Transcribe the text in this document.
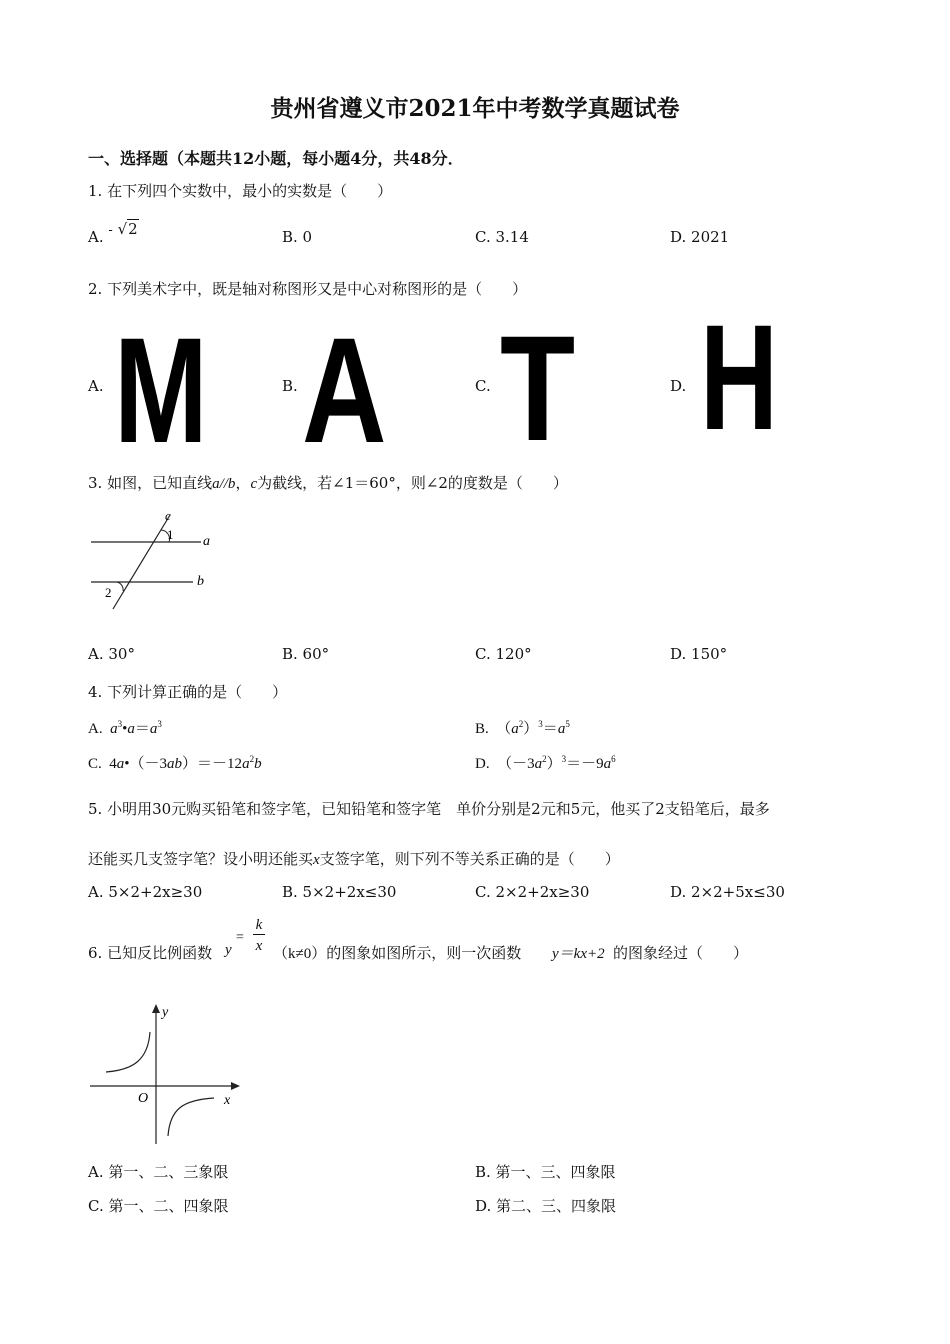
贵州省遵义市2021年中考数学真题试卷
一、选择题（本题共12小题，每小题4分，共48分．
1. 在下列四个实数中，最小的实数是（　　）
A. - √2	B. 0	C. 3.14	D. 2021
2. 下列美术字中，既是轴对称图形又是中心对称图形的是（　　）
A.	B.	C.	D.
M A T H
3. 如图，已知直线a//b，c为截线，若∠1＝60°，则∠2的度数是（　　）
c
1 a
b
2
A. 30°	B. 60°	C. 120°	D. 150°
4. 下列计算正确的是（　　）
A. $a^3•a=a^3$	B.  $(a^2)^3=a^5$
C.  $4a•(-3ab)=-12a^2b$	D. $(-3a^2)^3=-9a^6$
5. 小明用30元购买铅笔和签字笔，已知铅笔和签字笔　单价分别是2元和5元，他买了2支铅笔后，最多
还能买几支签字笔？设小明还能买x支签字笔，则下列不等关系正确的是（　　）
A. 5×2+2x≥30	B. 5×2+2x≤30	C. 2×2+2x≥30	D. 2×2+5x≤30
6. 已知反比例函数 y
=
k
x （k≠0）的图象如图所示，则一次函数 y＝kx+2 的图象经过（　　）
y
O	x
A. 第一、二、三象限	B. 第一、三、四象限
C. 第一、二、四象限	D. 第二、三、四象限
